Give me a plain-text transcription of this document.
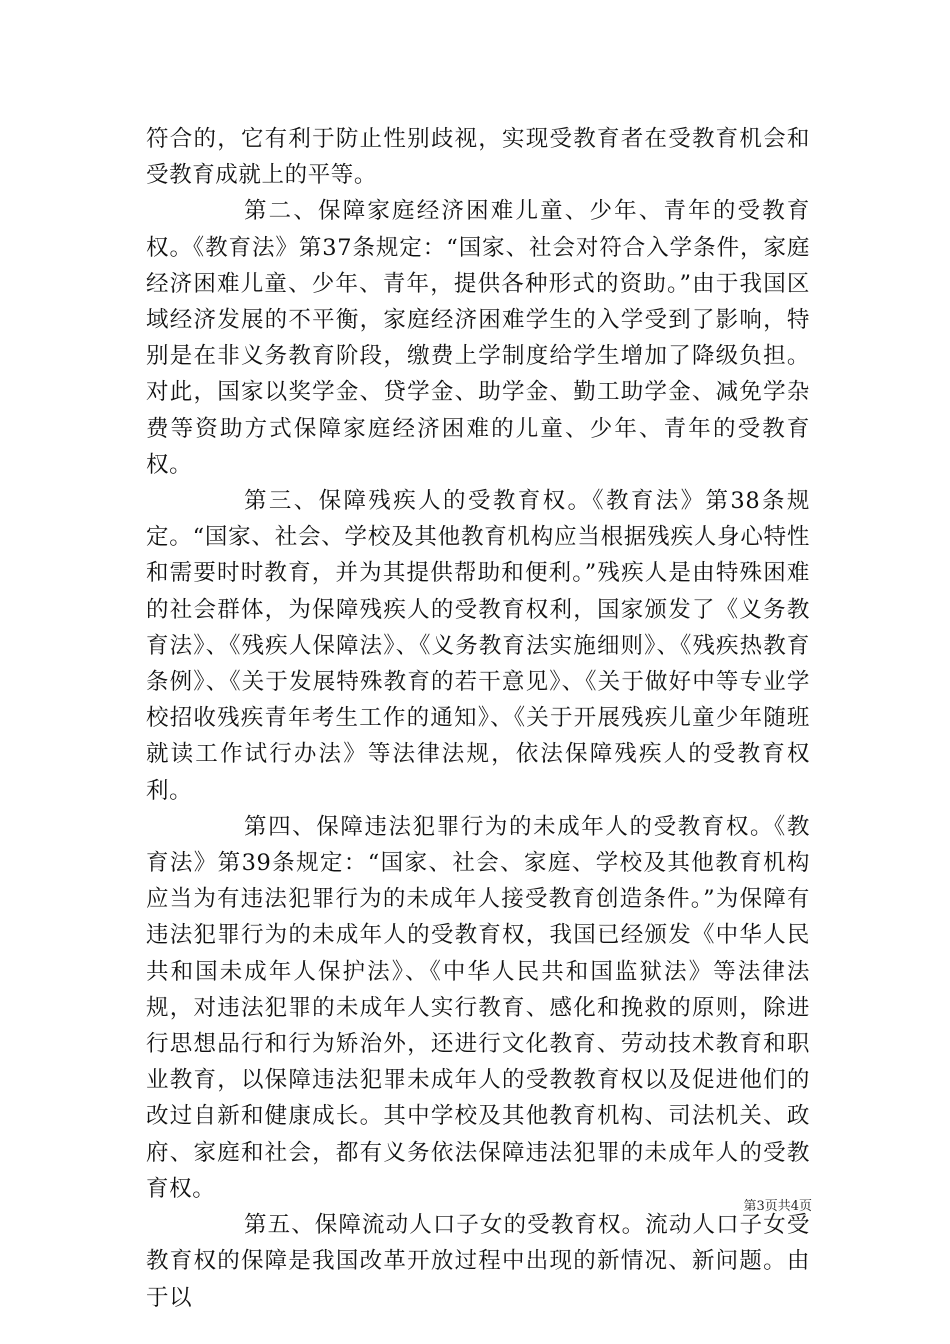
符合的，它有利于防止性别歧视，实现受教育者在受教育机会和受教育成就上的平等。

第二、保障家庭经济困难儿童、少年、青年的受教育权。《教育法》第37条规定：“国家、社会对符合入学条件，家庭经济困难儿童、少年、青年，提供各种形式的资助。”由于我国区域经济发展的不平衡，家庭经济困难学生的入学受到了影响，特别是在非义务教育阶段，缴费上学制度给学生增加了降级负担。对此，国家以奖学金、贷学金、助学金、勤工助学金、减免学杂费等资助方式保障家庭经济困难的儿童、少年、青年的受教育权。

第三、保障残疾人的受教育权。《教育法》第38条规定。“国家、社会、学校及其他教育机构应当根据残疾人身心特性和需要时时教育，并为其提供帮助和便利。”残疾人是由特殊困难的社会群体，为保障残疾人的受教育权利，国家颁发了《义务教育法》、《残疾人保障法》、《义务教育法实施细则》、《残疾热教育条例》、《关于发展特殊教育的若干意见》、《关于做好中等专业学校招收残疾青年考生工作的通知》、《关于开展残疾儿童少年随班就读工作试行办法》等法律法规，依法保障残疾人的受教育权利。

第四、保障违法犯罪行为的未成年人的受教育权。《教育法》第39条规定：“国家、社会、家庭、学校及其他教育机构应当为有违法犯罪行为的未成年人接受教育创造条件。”为保障有违法犯罪行为的未成年人的受教育权，我国已经颁发《中华人民共和国未成年人保护法》、《中华人民共和国监狱法》等法律法规，对违法犯罪的未成年人实行教育、感化和挽救的原则，除进行思想品行和行为矫治外，还进行文化教育、劳动技术教育和职业教育，以保障违法犯罪未成年人的受教教育权以及促进他们的改过自新和健康成长。其中学校及其他教育机构、司法机关、政府、家庭和社会，都有义务依法保障违法犯罪的未成年人的受教育权。

第五、保障流动人口子女的受教育权。流动人口子女受教育权的保障是我国改革开放过程中出现的新情况、新问题。由于以

第3页共4页
